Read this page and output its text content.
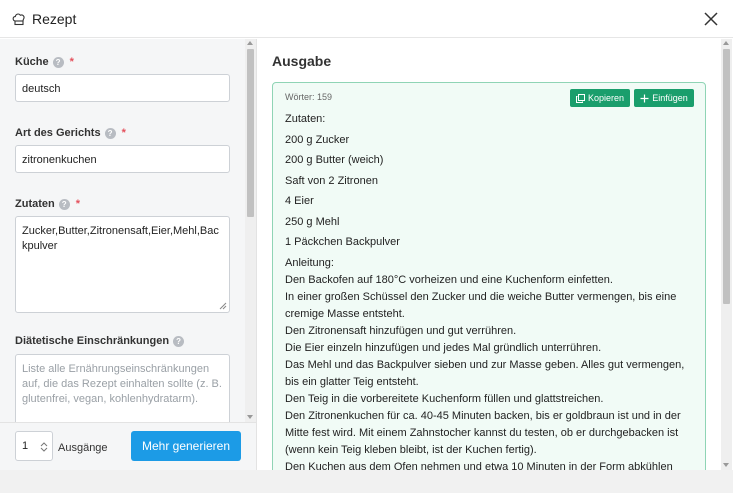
Rezept
Küche ? *
deutsch
Art des Gerichts ? *
zitronenkuchen
Zutaten ? *
Zucker,Butter,Zitronensaft,Eier,Mehl,Backpulver
Diätetische Einschränkungen ?
Liste alle Ernährungseinschränkungen auf, die das Rezept einhalten sollte (z. B. glutenfrei, vegan, kohlenhydratarm).
1	Ausgänge	Mehr generieren
Ausgabe
Wörter: 159	Kopieren	Einfügen

Zutaten:

200 g Zucker

200 g Butter (weich)

Saft von 2 Zitronen

4 Eier

250 g Mehl

1 Päckchen Backpulver

Anleitung:

Den Backofen auf 180°C vorheizen und eine Kuchenform einfetten.

In einer großen Schüssel den Zucker und die weiche Butter vermengen, bis eine cremige Masse entsteht.

Den Zitronensaft hinzufügen und gut verrühren.

Die Eier einzeln hinzufügen und jedes Mal gründlich unterrühren.

Das Mehl und das Backpulver sieben und zur Masse geben. Alles gut vermengen, bis ein glatter Teig entsteht.

Den Teig in die vorbereitete Kuchenform füllen und glattstreichen.

Den Zitronenkuchen für ca. 40-45 Minuten backen, bis er goldbraun ist und in der Mitte fest wird. Mit einem Zahnstocher kannst du testen, ob er durchgebacken ist (wenn kein Teig kleben bleibt, ist der Kuchen fertig).

Den Kuchen aus dem Ofen nehmen und etwa 10 Minuten in der Form abkühlen
